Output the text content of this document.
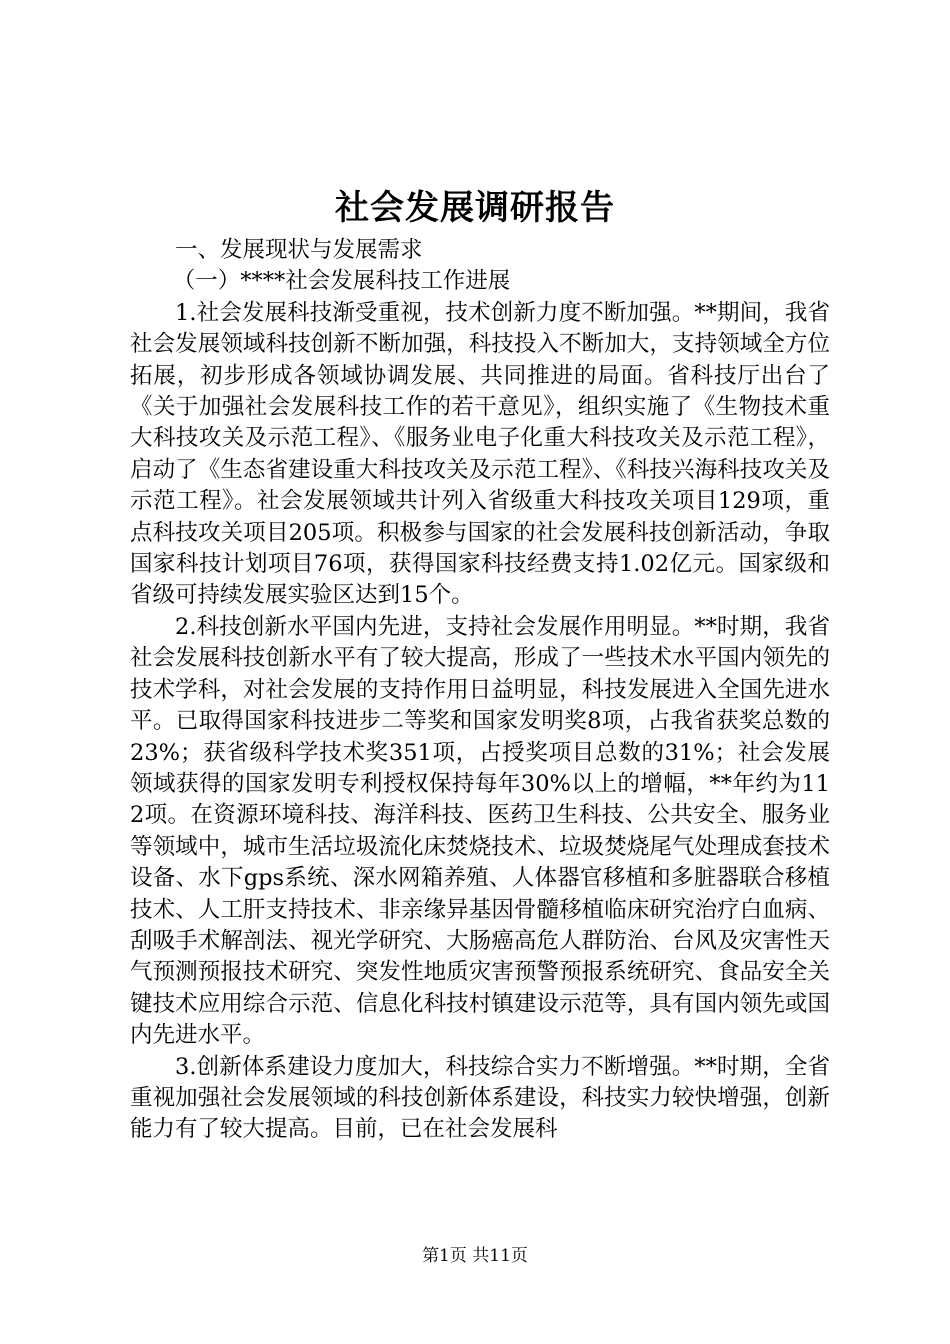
社会发展调研报告

一、发展现状与发展需求

（一）****社会发展科技工作进展

1.社会发展科技渐受重视，技术创新力度不断加强。**期间，我省社会发展领域科技创新不断加强，科技投入不断加大，支持领域全方位拓展，初步形成各领域协调发展、共同推进的局面。省科技厅出台了《关于加强社会发展科技工作的若干意见》，组织实施了《生物技术重大科技攻关及示范工程》、《服务业电子化重大科技攻关及示范工程》，启动了《生态省建设重大科技攻关及示范工程》、《科技兴海科技攻关及示范工程》。社会发展领域共计列入省级重大科技攻关项目129项，重点科技攻关项目205项。积极参与国家的社会发展科技创新活动，争取国家科技计划项目76项，获得国家科技经费支持1.02亿元。国家级和省级可持续发展实验区达到15个。

2.科技创新水平国内先进，支持社会发展作用明显。**时期，我省社会发展科技创新水平有了较大提高，形成了一些技术水平国内领先的技术学科，对社会发展的支持作用日益明显，科技发展进入全国先进水平。已取得国家科技进步二等奖和国家发明奖8项，占我省获奖总数的23%；获省级科学技术奖351项，占授奖项目总数的31%；社会发展领域获得的国家发明专利授权保持每年30%以上的增幅，**年约为112项。在资源环境科技、海洋科技、医药卫生科技、公共安全、服务业等领域中，城市生活垃圾流化床焚烧技术、垃圾焚烧尾气处理成套技术设备、水下gps系统、深水网箱养殖、人体器官移植和多脏器联合移植技术、人工肝支持技术、非亲缘异基因骨髓移植临床研究治疗白血病、刮吸手术解剖法、视光学研究、大肠癌高危人群防治、台风及灾害性天气预测预报技术研究、突发性地质灾害预警预报系统研究、食品安全关键技术应用综合示范、信息化科技村镇建设示范等，具有国内领先或国内先进水平。

3.创新体系建设力度加大，科技综合实力不断增强。**时期，全省重视加强社会发展领域的科技创新体系建设，科技实力较快增强，创新能力有了较大提高。目前，已在社会发展科

第1页 共11页
